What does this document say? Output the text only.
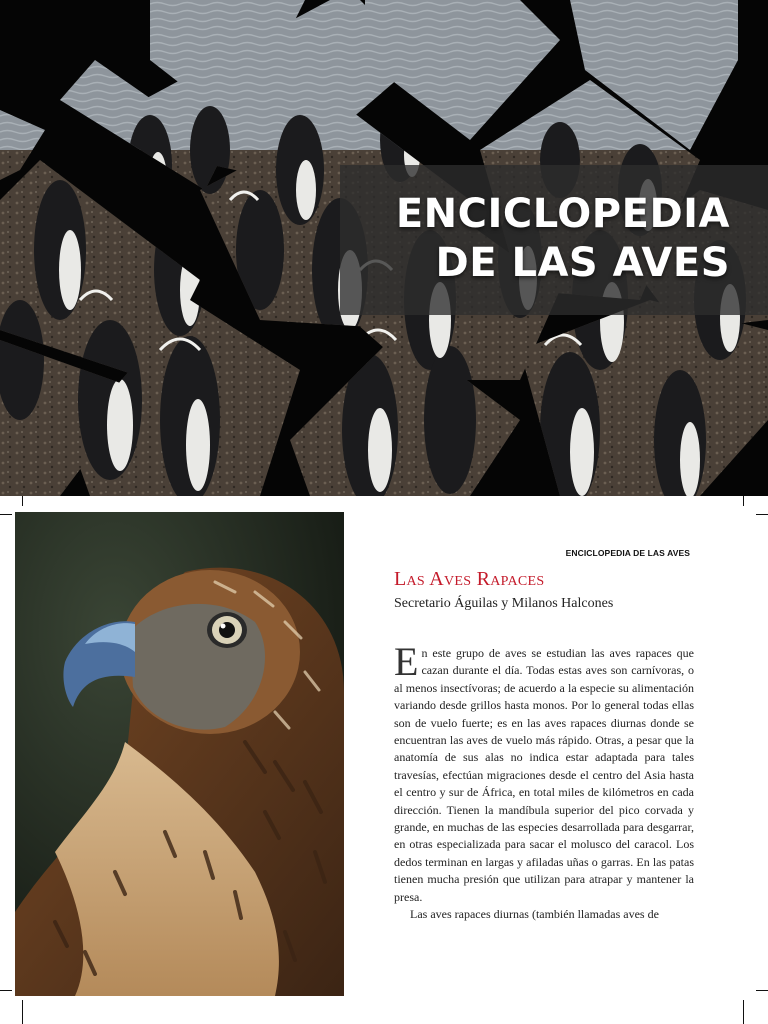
ENCICLOPEDIA
DE LAS AVES
ENCICLOPEDIA DE LAS AVES
Las Aves Rapaces
Secretario Águilas y Milanos Halcones

En este grupo de aves se estudian las aves rapaces que cazan durante el día. Todas estas aves son carnívoras, o al menos insectívoras; de acuerdo a la especie su alimentación variando desde grillos hasta monos. Por lo general todas ellas son de vuelo fuerte; es en las aves rapaces diurnas donde se encuentran las aves de vuelo más rápido. Otras, a pesar que la anatomía de sus alas no indica estar adaptada para tales travesías, efectúan migraciones desde el centro del Asia hasta el centro y sur de África, en total miles de kilómetros en cada dirección. Tienen la mandíbula superior del pico corvada y grande, en muchas de las especies desarrollada para desgarrar, en otras especializada para sacar el molusco del caracol. Los dedos terminan en largas y afiladas uñas o garras. En las patas tienen mucha presión que utilizan para atrapar y mantener la presa.

Las aves rapaces diurnas (también llamadas aves de
